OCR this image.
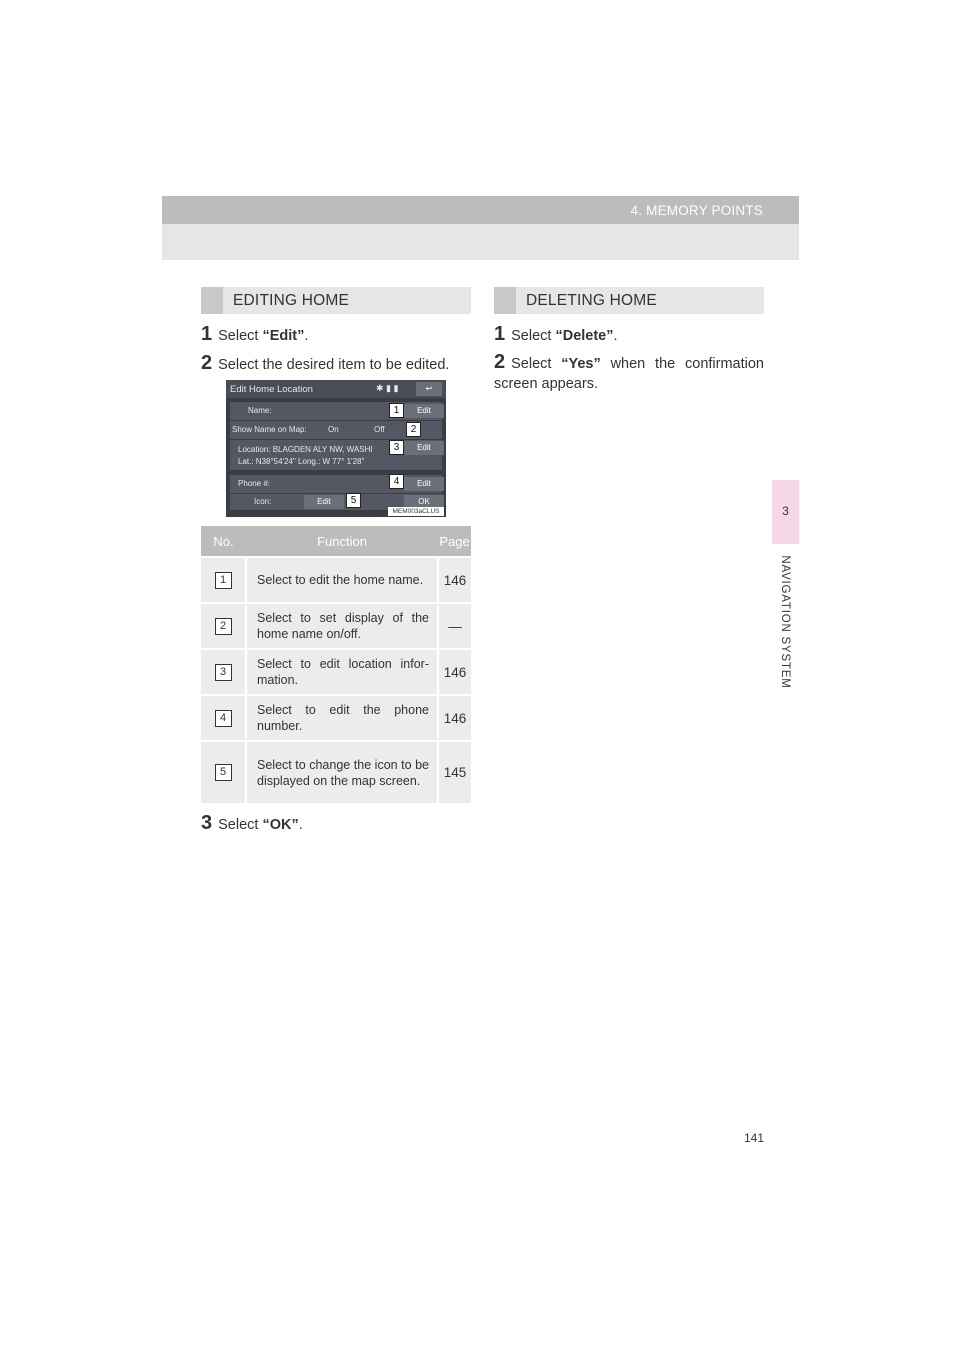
4. MEMORY POINTS
3
NAVIGATION SYSTEM
EDITING HOME
1 Select “Edit”.
2 Select the desired item to be edited.
Edit Home Location	✱ ▮ ▮	↩
Name:	1	Edit
Show Name on Map:	On	Off	2
Location: BLAGDEN ALY NW, WASHI
Lat.: N38°54'24" Long.: W 77° 1'28"
3	Edit
Phone #:	4	Edit
Icon:	Edit	5	OK
MEM003aCLUS
No.	Function	Page
1	Select to edit the home name.	146
2	Select to set display of the home name on/off.	—
3	Select to edit location infor-mation.	146
4	Select to edit the phone number.	146
5	Select to change the icon to be displayed on the map screen.	145
3 Select “OK”.
DELETING HOME
1 Select “Delete”.
2 Select “Yes” when the confirmation screen appears.
141
